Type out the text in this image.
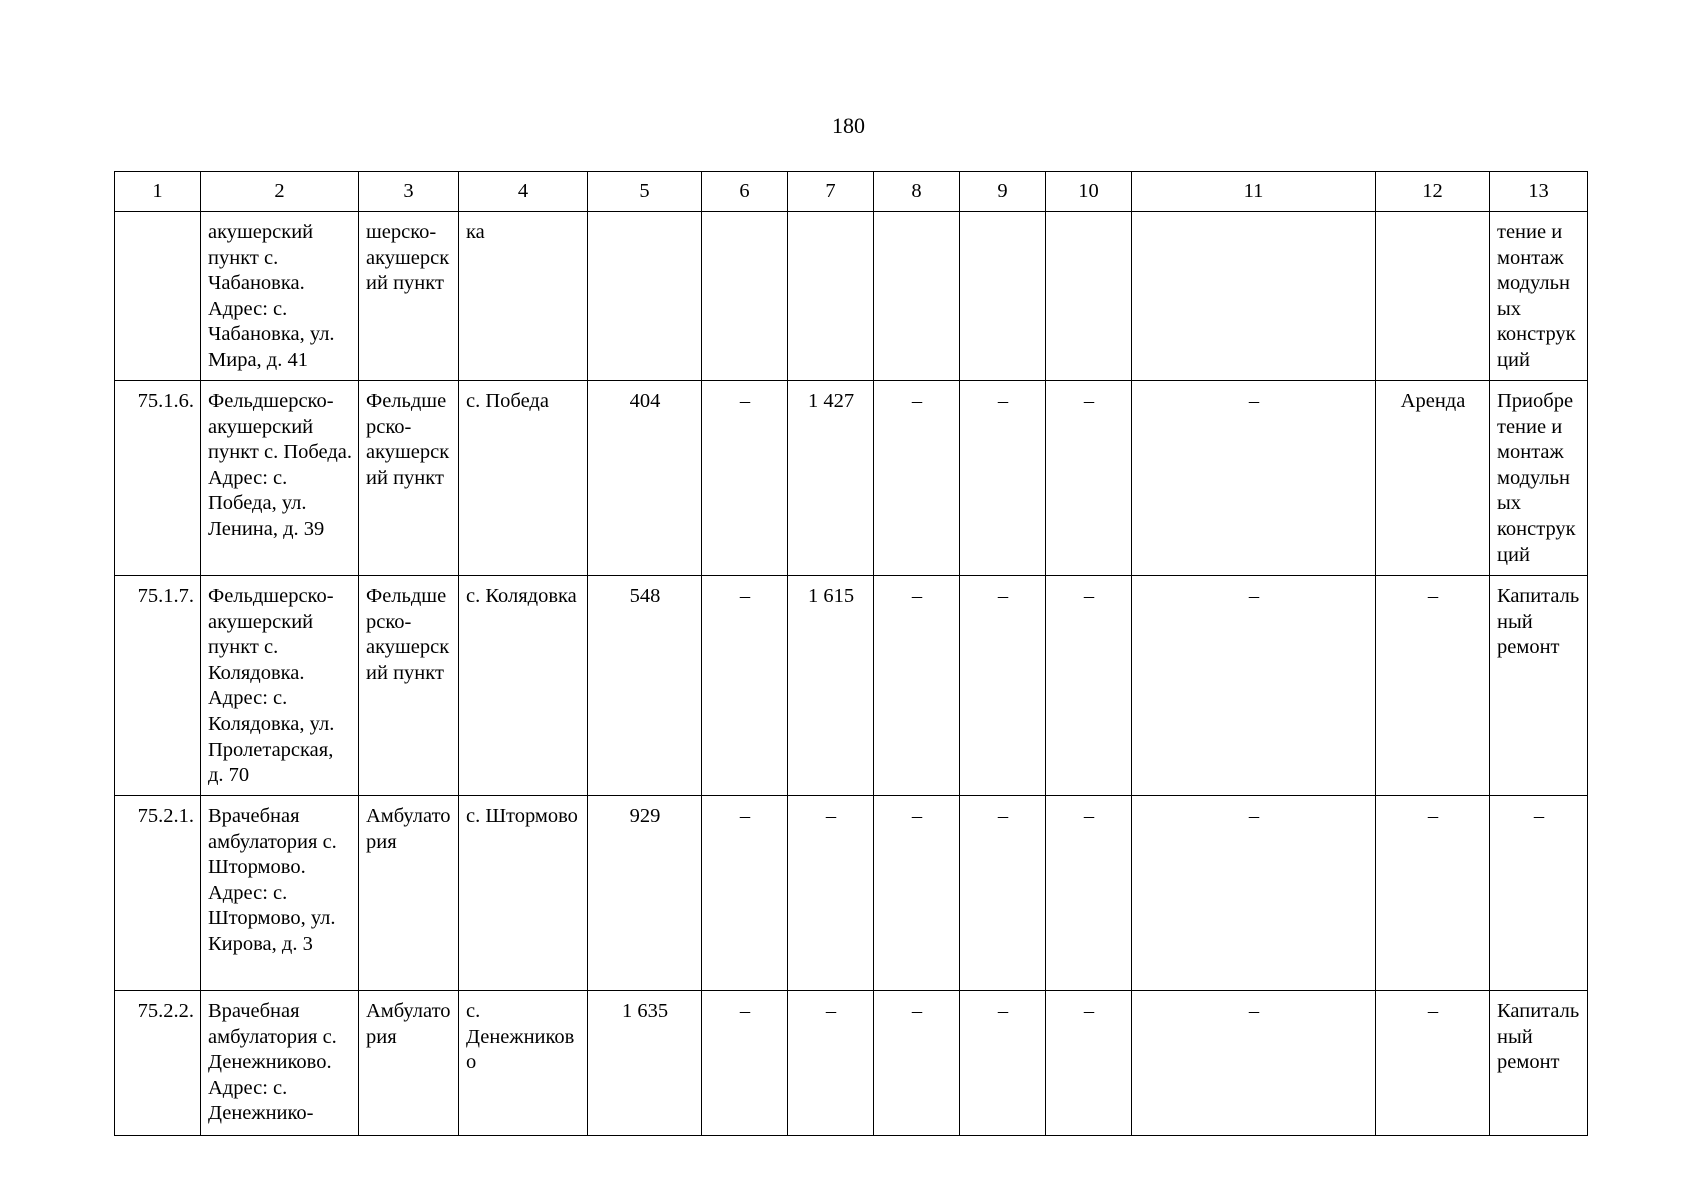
180
1	2	3	4	5	6	7	8	9	10	11	12	13
	акушерский пункт с. Чабановка. Адрес: с. Чабановка, ул. Мира, д. 41	шерско-акушерский пункт	ка									тение и монтаж модульных конструкций
75.1.6.	Фельдшерско-акушерский пункт с. Победа. Адрес: с. Победа, ул. Ленина, д. 39	Фельдшерско-акушерский пункт	с. Победа	404	–	1 427	–	–	–	–	Аренда	Приобретение и монтаж модульных конструкций
75.1.7.	Фельдшерско-акушерский пункт с. Колядовка. Адрес: с. Колядовка, ул. Пролетарская, д. 70	Фельдшерско-акушерский пункт	с. Колядовка	548	–	1 615	–	–	–	–	–	Капитальный ремонт
75.2.1.	Врачебная амбулатория с. Штормово. Адрес: с. Штормово, ул. Кирова, д. 3	Амбулатория	с. Штормово	929	–	–	–	–	–	–	–	–
75.2.2.	Врачебная амбулатория с. Денежниково. Адрес: с. Денежнико-	Амбулатория	с. Денежниково	1 635	–	–	–	–	–	–	–	Капитальный ремонт
